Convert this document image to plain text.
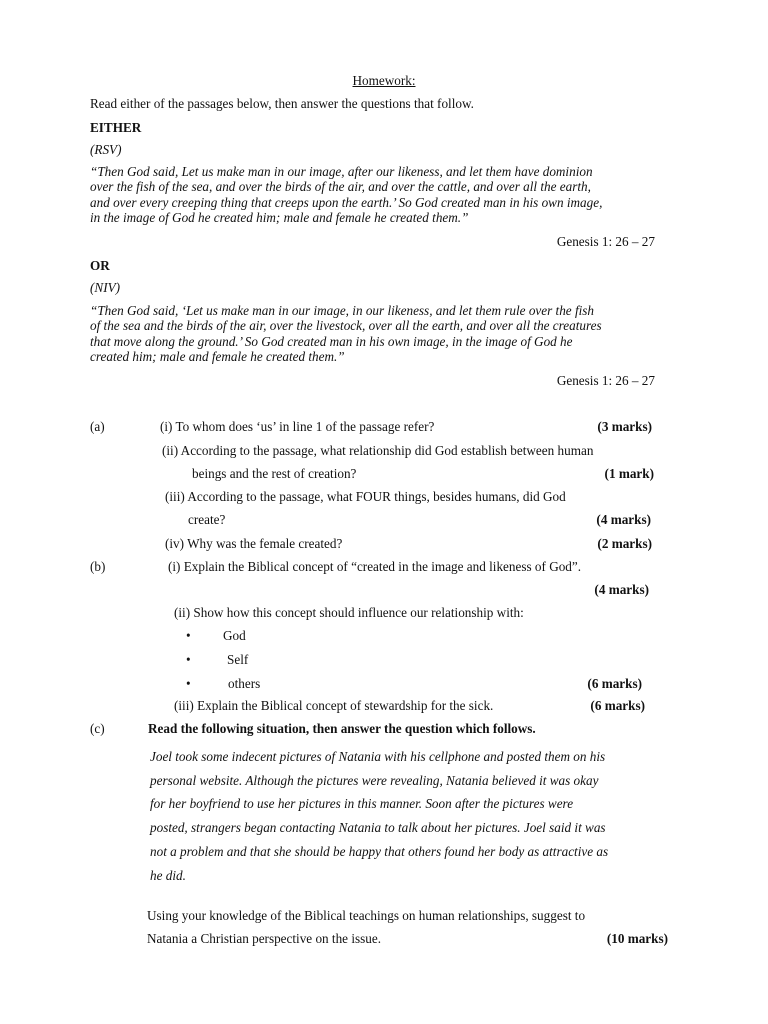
Homework:
Read either of the passages below, then answer the questions that follow.
EITHER
(RSV)
“Then God said, Let us make man in our image, after our likeness, and let them have dominion
over the fish of the sea, and over the birds of the air, and over the cattle, and over all the earth,
and over every creeping thing that creeps upon the earth.’ So God created man in his own image,
in the image of God he created him; male and female he created them.”
Genesis 1: 26 – 27
OR
(NIV)
“Then God said, ‘Let us make man in our image, in our likeness, and let them rule over the fish
of the sea and the birds of the air, over the livestock, over all the earth, and over all the creatures
that move along the ground.’ So God created man in his own image, in the image of God he
created him; male and female he created them.”
Genesis 1: 26 – 27
(a)	(i) To whom does ‘us’ in line 1 of the passage refer?	(3 marks)
(ii) According to the passage, what relationship did God establish between human
beings and the rest of creation?	(1 mark)
(iii) According to the passage, what FOUR things, besides humans, did God
create?	(4 marks)
(iv) Why was the female created?	(2 marks)
(b)	(i) Explain the Biblical concept of “created in the image and likeness of God”.
(4 marks)
(ii) Show how this concept should influence our relationship with:
• God
•	Self
•	others	(6 marks)
(iii) Explain the Biblical concept of stewardship for the sick.	(6 marks)
(c)	Read the following situation, then answer the question which follows.
Joel took some indecent pictures of Natania with his cellphone and posted them on his
personal website. Although the pictures were revealing, Natania believed it was okay
for her boyfriend to use her pictures in this manner. Soon after the pictures were
posted, strangers began contacting Natania to talk about her pictures. Joel said it was
not a problem and that she should be happy that others found her body as attractive as
he did.
Using your knowledge of the Biblical teachings on human relationships, suggest to
Natania a Christian perspective on the issue.	(10 marks)
